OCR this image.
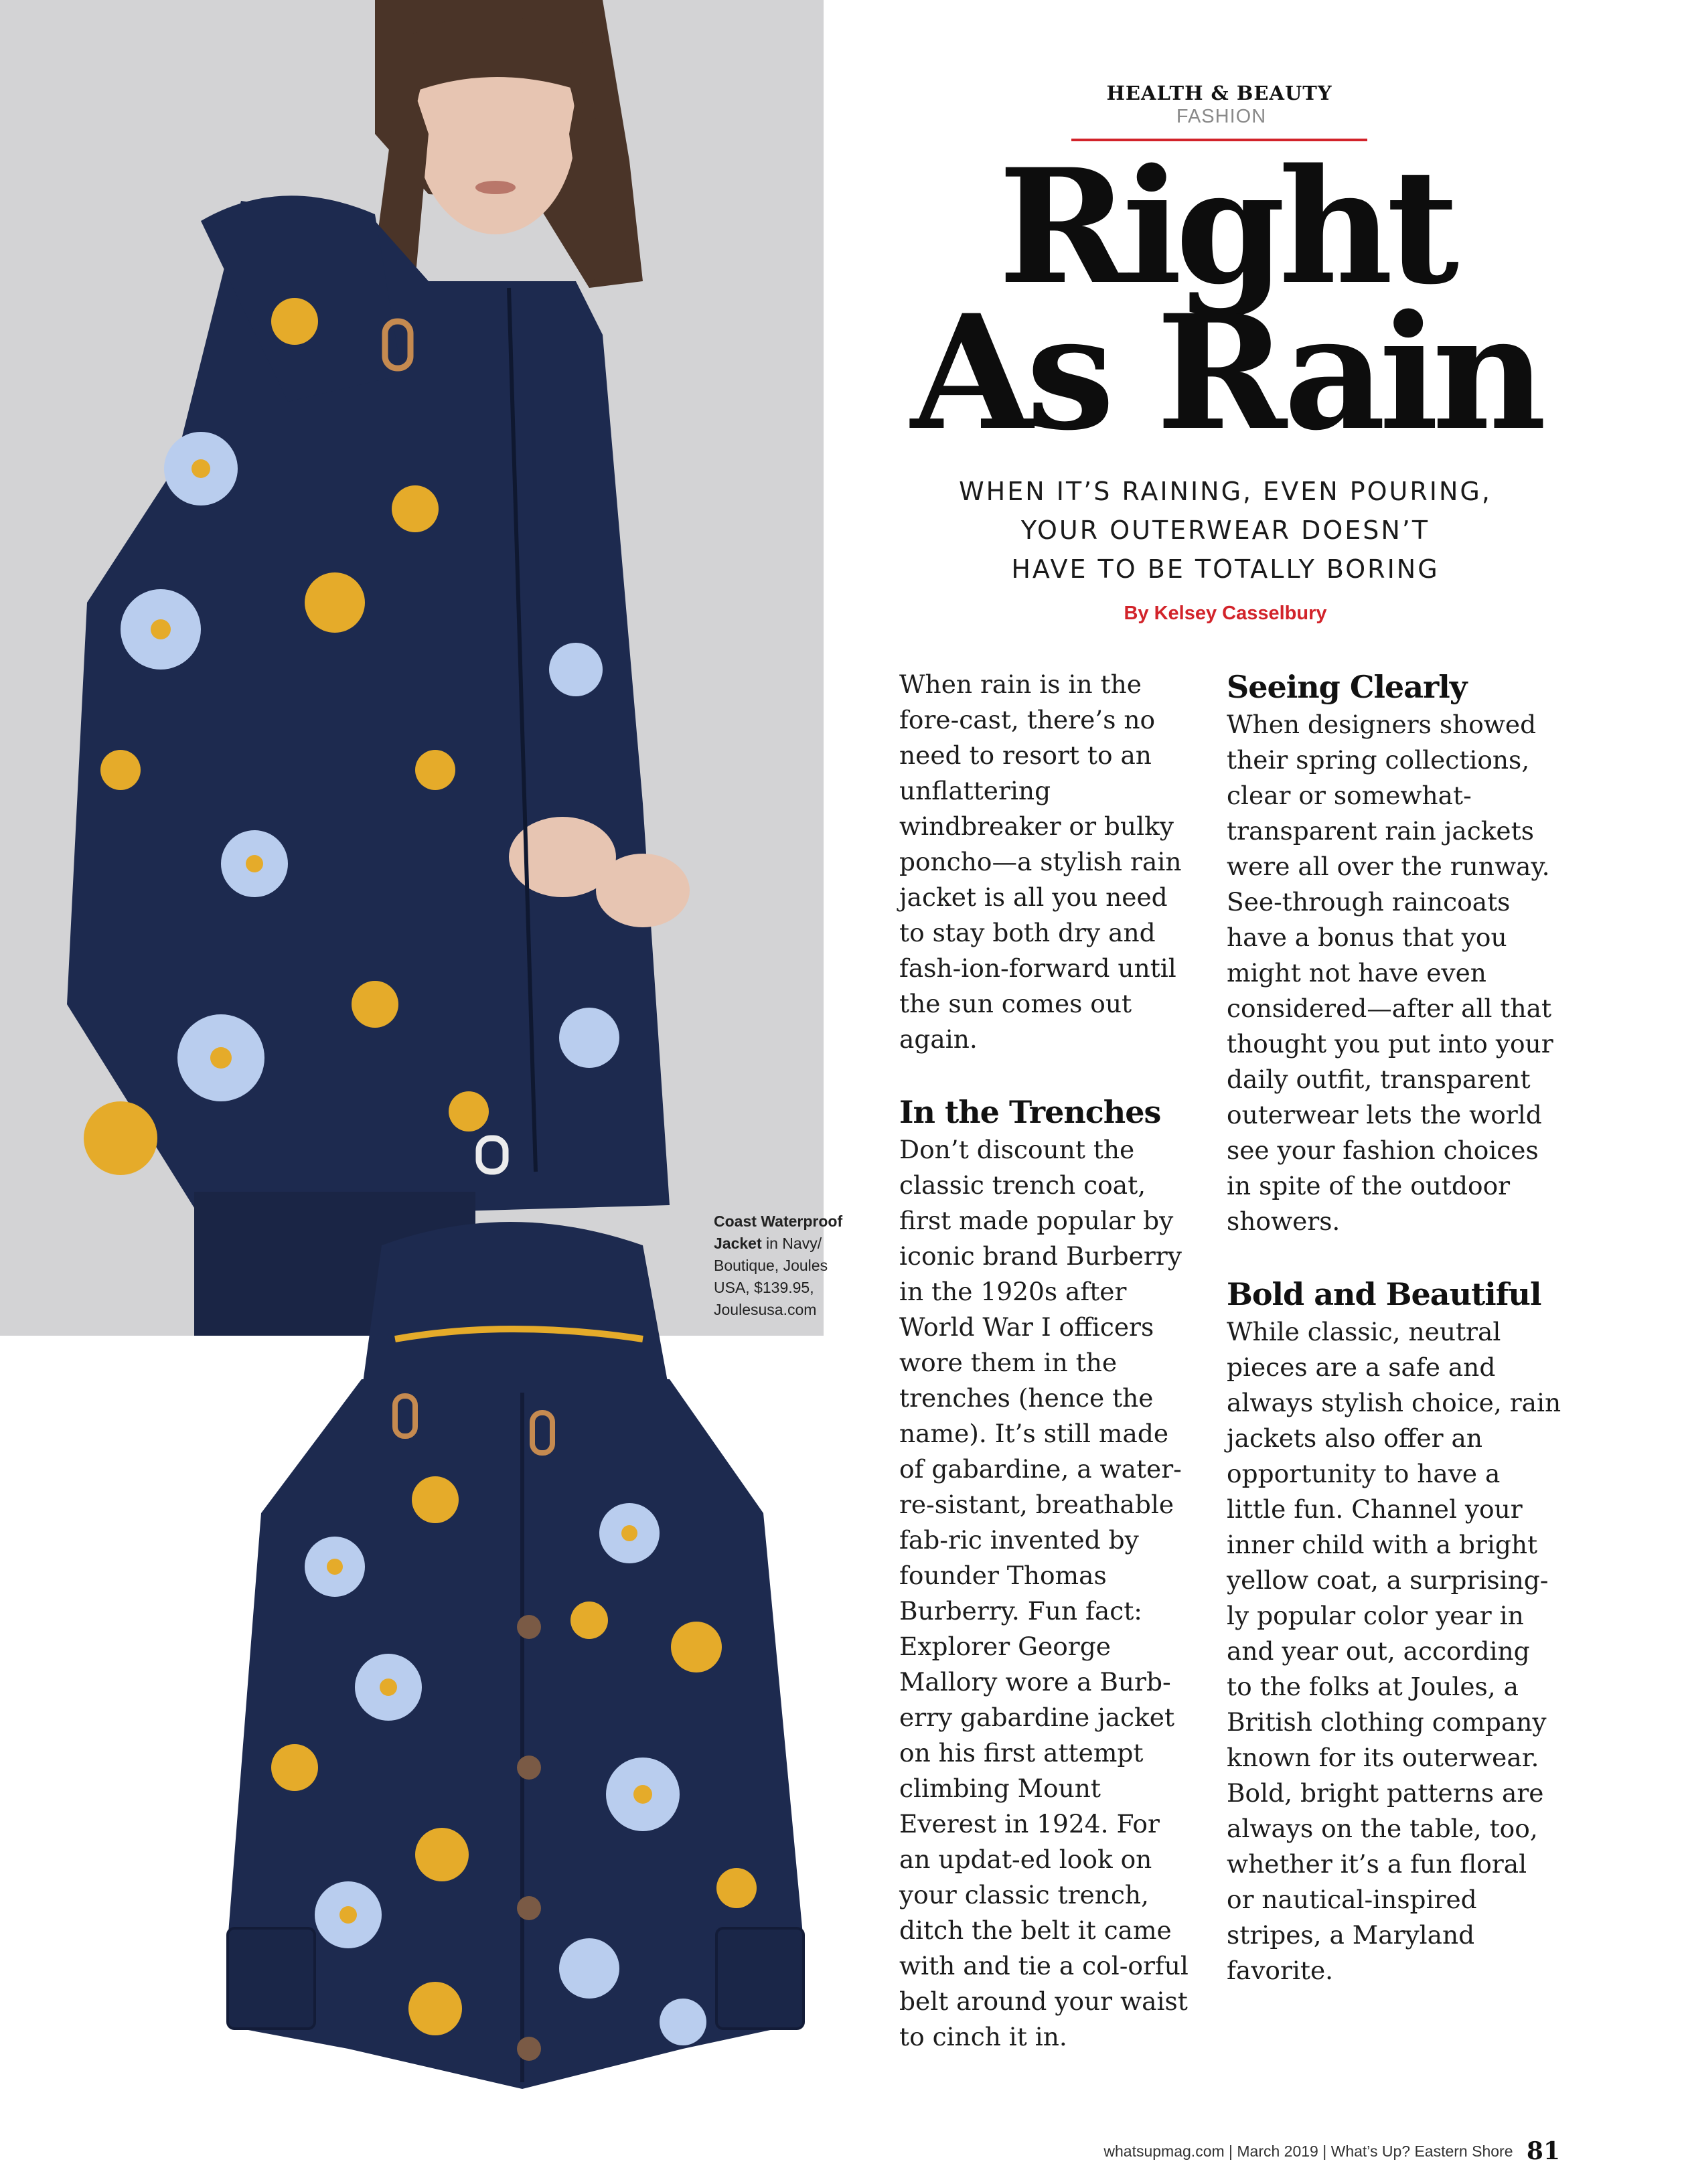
Coast Waterproof Jacket in Navy/ Boutique, Joules USA, $139.95, Joulesusa.com
HEALTH & BEAUTY FASHION
Right
As Rain
WHEN IT’S RAINING, EVEN POURING,
YOUR OUTERWEAR DOESN’T
HAVE TO BE TOTALLY BORING
By Kelsey Casselbury

When rain is in the fore-cast, there’s no need to resort to an unflattering windbreaker or bulky poncho—a stylish rain jacket is all you need to stay both dry and fash-ion-forward until the sun comes out again.

In the Trenches

Don’t discount the classic trench coat, first made popular by iconic brand Burberry in the 1920s after World War I officers wore them in the trenches (hence the name). It’s still made of gabardine, a water-re-sistant, breathable fab-ric invented by founder Thomas Burberry. Fun fact: Explorer George Mallory wore a Burb-erry gabardine jacket on his first attempt climbing Mount Everest in 1924. For an updat-ed look on your classic trench, ditch the belt it came with and tie a col-orful belt around your waist to cinch it in.

Seeing Clearly

When designers showed their spring collections, clear or somewhat-transparent rain jackets were all over the runway. See-through raincoats have a bonus that you might not have even considered—after all that thought you put into your daily outfit, transparent outerwear lets the world see your fashion choices in spite of the outdoor showers.

Bold and Beautiful

While classic, neutral pieces are a safe and always stylish choice, rain jackets also offer an opportunity to have a little fun. Channel your inner child with a bright yellow coat, a surprising-ly popular color year in and year out, according to the folks at Joules, a British clothing company known for its outerwear. Bold, bright patterns are always on the table, too, whether it’s a fun floral or nautical-inspired stripes, a Maryland favorite.

whatsupmag.com | March 2019 | What’s Up? Eastern Shore 81
